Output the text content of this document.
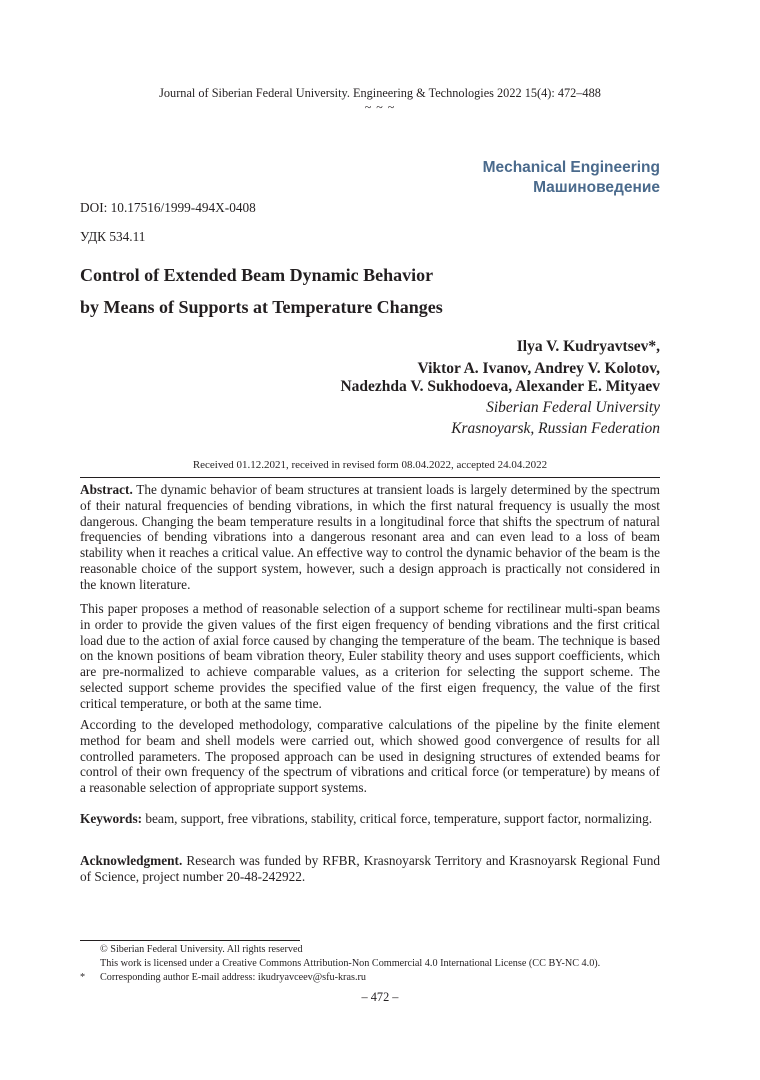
Journal of Siberian Federal University. Engineering & Technologies 2022 15(4): 472–488
~ ~ ~
Mechanical Engineering
Машиноведение
DOI: 10.17516/1999-494X-0408
УДК 534.11
Control of Extended Beam Dynamic Behavior
by Means of Supports at Temperature Changes
Ilya V. Kudryavtsev*,
Viktor A. Ivanov, Andrey V. Kolotov,
Nadezhda V. Sukhodoeva, Alexander E. Mityaev
Siberian Federal University
Krasnoyarsk, Russian Federation
Received 01.12.2021, received in revised form 08.04.2022, accepted 24.04.2022
Abstract. The dynamic behavior of beam structures at transient loads is largely determined by the spectrum of their natural frequencies of bending vibrations, in which the first natural frequency is usually the most dangerous. Changing the beam temperature results in a longitudinal force that shifts the spectrum of natural frequencies of bending vibrations into a dangerous resonant area and can even lead to a loss of beam stability when it reaches a critical value. An effective way to control the dynamic behavior of the beam is the reasonable choice of the support system, however, such a design approach is practically not considered in the known literature.
This paper proposes a method of reasonable selection of a support scheme for rectilinear multi-span beams in order to provide the given values of the first eigen frequency of bending vibrations and the first critical load due to the action of axial force caused by changing the temperature of the beam. The technique is based on the known positions of beam vibration theory, Euler stability theory and uses support coefficients, which are pre-normalized to achieve comparable values, as a criterion for selecting the support scheme. The selected support scheme provides the specified value of the first eigen frequency, the value of the first critical temperature, or both at the same time.
According to the developed methodology, comparative calculations of the pipeline by the finite element method for beam and shell models were carried out, which showed good convergence of results for all controlled parameters. The proposed approach can be used in designing structures of extended beams for control of their own frequency of the spectrum of vibrations and critical force (or temperature) by means of a reasonable selection of appropriate support systems.
Keywords: beam, support, free vibrations, stability, critical force, temperature, support factor, normalizing.
Acknowledgment. Research was funded by RFBR, Krasnoyarsk Territory and Krasnoyarsk Regional Fund of Science, project number 20-48-242922.
© Siberian Federal University. All rights reserved
This work is licensed under a Creative Commons Attribution-Non Commercial 4.0 International License (CC BY-NC 4.0).
* Corresponding author E-mail address: ikudryavceev@sfu-kras.ru
– 472 –
